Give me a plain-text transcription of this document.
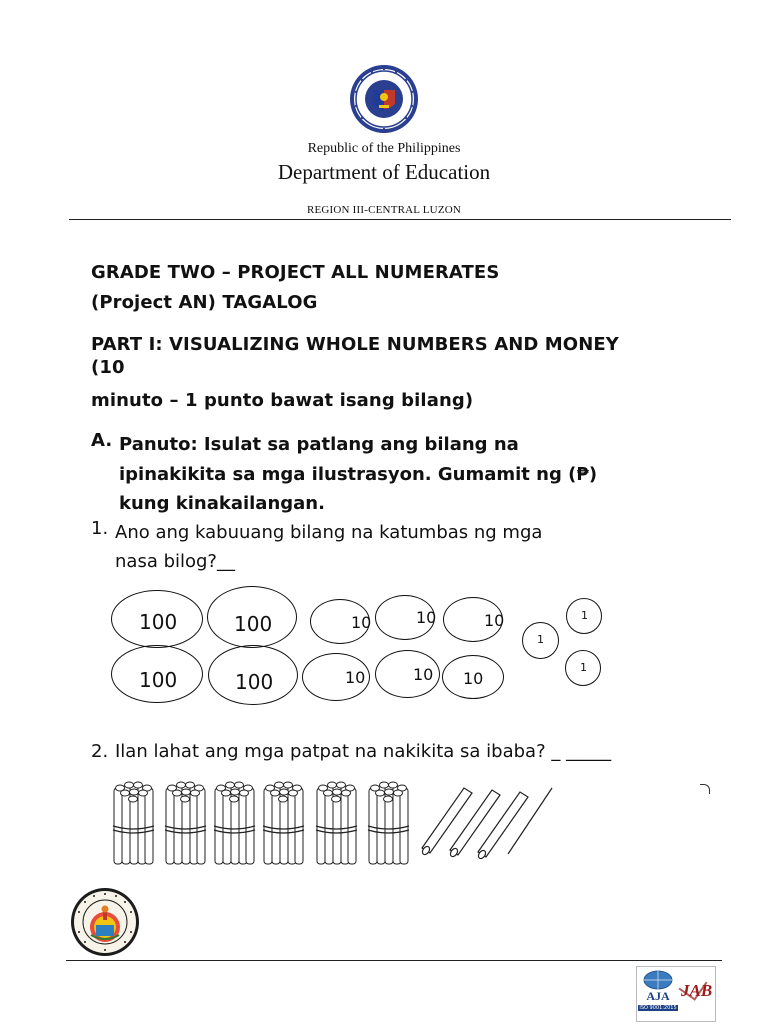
Republic of the Philippines
Department of Education
REGION III-CENTRAL LUZON
GRADE TWO – PROJECT ALL NUMERATES
(Project AN) TAGALOG
PART I: VISUALIZING WHOLE NUMBERS AND MONEY
(10
minuto – 1 punto bawat isang bilang)
A. Panuto: Isulat sa patlang ang bilang na
ipinakikita sa mga ilustrasyon. Gumamit ng (₱)
kung kinakailangan.
1. Ano ang kabuuang bilang na katumbas ng mga
nasa bilog?__
100	100	10	10	10
100	100	10	10 10
1
1
1
2. Ilan lahat ang mga patpat na nakikita sa ibaba? _ _____
AJA
ISO 9001:2015
JAB
